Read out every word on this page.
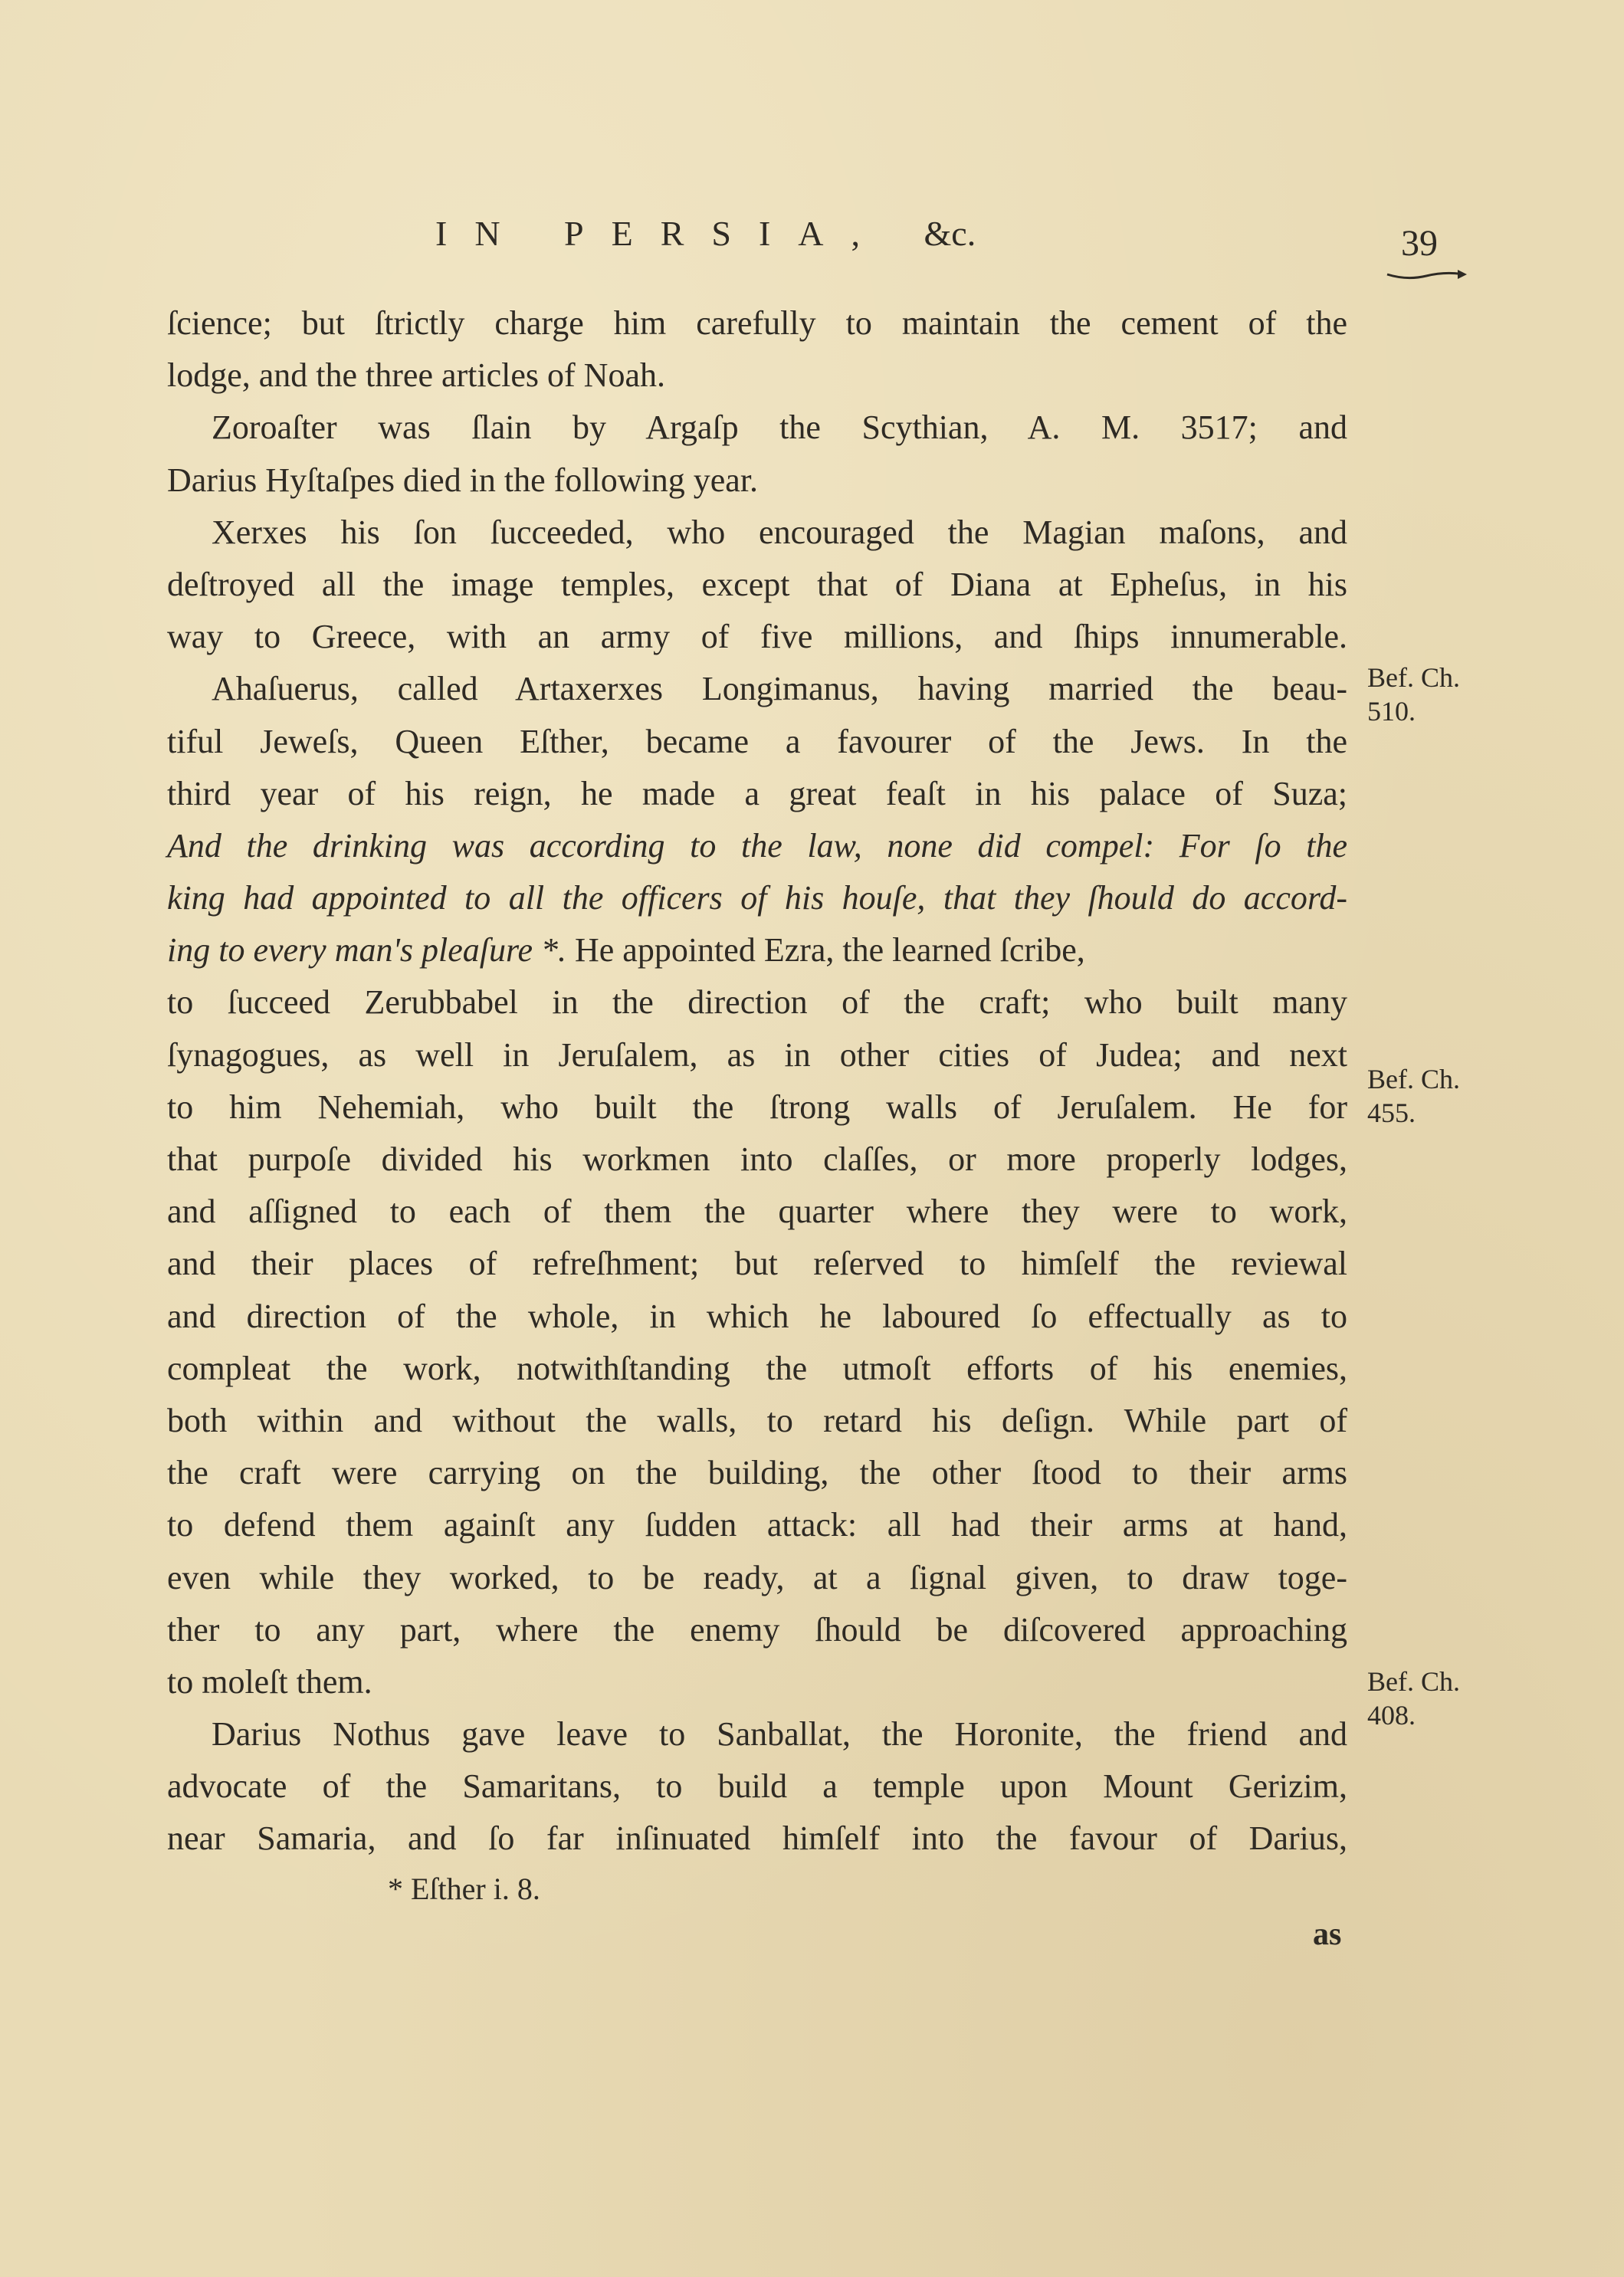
IN PERSIA, &c.	39
ſcience; but ſtrictly charge him carefully to maintain the cement of the
lodge, and the three articles of Noah.
Zoroaſter was ſlain by Argaſp the Scythian, A. M. 3517; and
Darius Hyſtaſpes died in the following year.
Xerxes his ſon ſucceeded, who encouraged the Magian maſons, and
deſtroyed all the image temples, except that of Diana at Epheſus, in his
way to Greece, with an army of five millions, and ſhips innumerable.
Ahaſuerus, called Artaxerxes Longimanus, having married the beau-
tiful Jeweſs, Queen Eſther, became a favourer of the Jews. In the
third year of his reign, he made a great feaſt in his palace of Suza;
And the drinking was according to the law, none did compel: For ſo the
king had appointed to all the officers of his houſe, that they ſhould do accord-
ing to every man's pleaſure *. He appointed Ezra, the learned ſcribe,
to ſucceed Zerubbabel in the direction of the craft; who built many
ſynagogues, as well in Jeruſalem, as in other cities of Judea; and next
to him Nehemiah, who built the ſtrong walls of Jeruſalem. He for
that purpoſe divided his workmen into claſſes, or more properly lodges,
and aſſigned to each of them the quarter where they were to work,
and their places of refreſhment; but reſerved to himſelf the reviewal
and direction of the whole, in which he laboured ſo effectually as to
compleat the work, notwithſtanding the utmoſt efforts of his enemies,
both within and without the walls, to retard his deſign. While part of
the craft were carrying on the building, the other ſtood to their arms
to defend them againſt any ſudden attack: all had their arms at hand,
even while they worked, to be ready, at a ſignal given, to draw toge-
ther to any part, where the enemy ſhould be diſcovered approaching
to moleſt them.
Darius Nothus gave leave to Sanballat, the Horonite, the friend and
advocate of the Samaritans, to build a temple upon Mount Gerizim,
near Samaria, and ſo far inſinuated himſelf into the favour of Darius,
Bef. Ch.
510.
Bef. Ch.
455.
Bef. Ch.
408.
* Eſther i. 8.
as
